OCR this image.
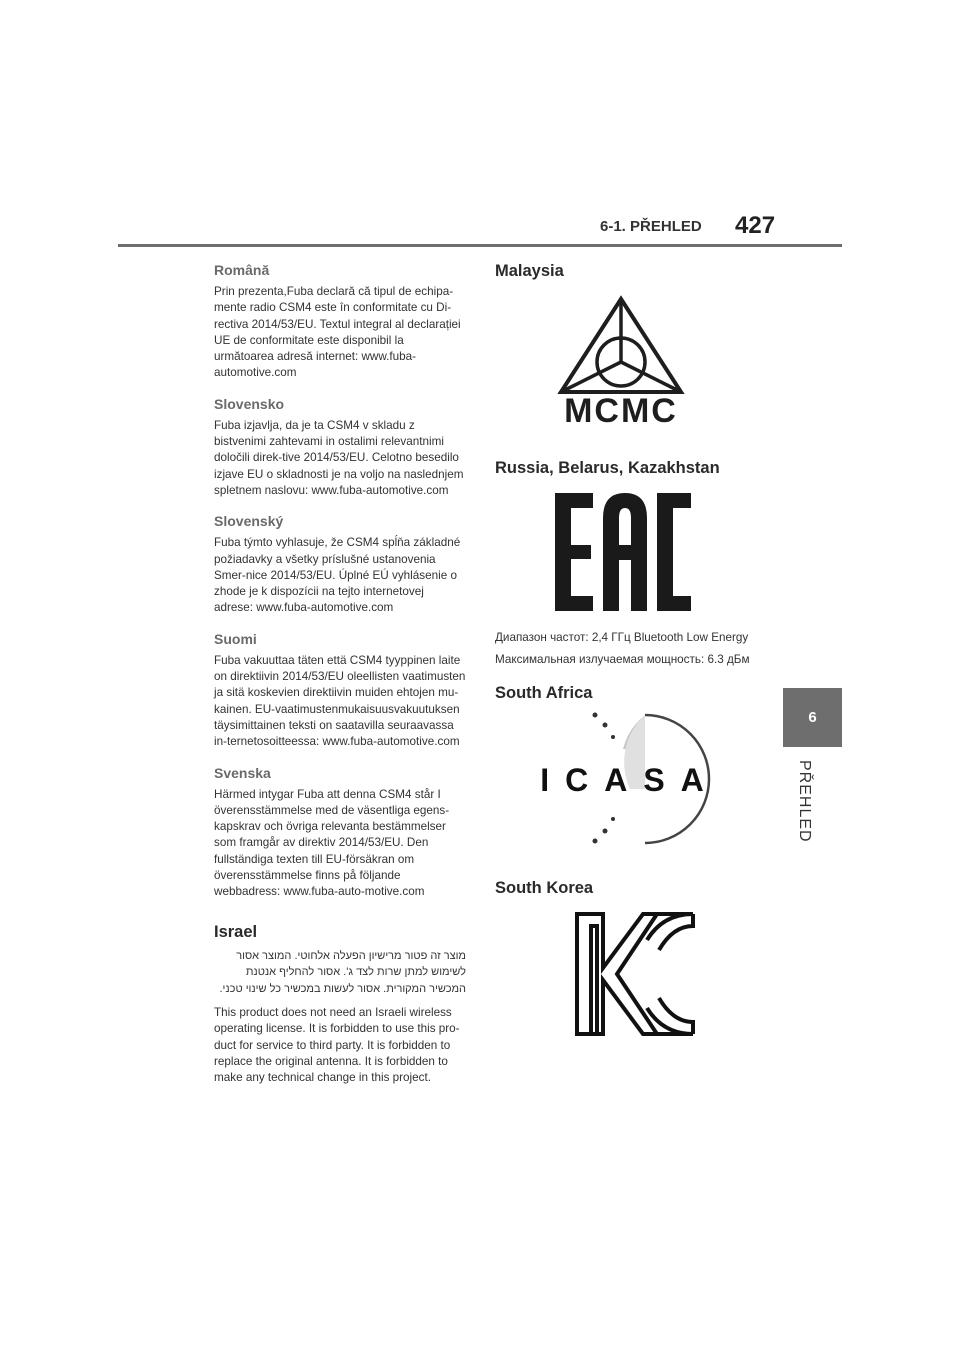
6-1. PŘEHLED 427
6
PŘEHLED
Română

Prin prezenta,Fuba declară că tipul de echipa-mente radio CSM4 este în conformitate cu Di-rectiva 2014/53/EU. Textul integral al declarației UE de conformitate este disponibil la următoarea adresă internet: www.fuba-automotive.com

Slovensko

Fuba izjavlja, da je ta CSM4 v skladu z bistvenimi zahtevami in ostalimi relevantnimi določili direk-tive 2014/53/EU. Celotno besedilo izjave EU o skladnosti je na voljo na naslednjem spletnem naslovu: www.fuba-automotive.com

Slovenský

Fuba týmto vyhlasuje, že CSM4 spĺňa základné požiadavky a všetky príslušné ustanovenia Smer-nice 2014/53/EU. Úplné EÚ vyhlásenie o zhode je k dispozícii na tejto internetovej adrese: www.fuba-automotive.com

Suomi

Fuba vakuuttaa täten että CSM4 tyyppinen laite on direktiivin 2014/53/EU oleellisten vaatimusten ja sitä koskevien direktiivin muiden ehtojen mu-kainen. EU-vaatimustenmukaisuusvakuutuksen täysimittainen teksti on saatavilla seuraavassa in-ternetosoitteessa: www.fuba-automotive.com

Svenska

Härmed intygar Fuba att denna CSM4 står I överensstämmelse med de väsentliga egens-kapskrav och övriga relevanta bestämmelser som framgår av direktiv 2014/53/EU. Den fullständiga texten till EU-försäkran om överensstämmelse finns på följande webbadress: www.fuba-auto-motive.com

Israel

מוצר זה פטור מרישיון הפעלה אלחוטי. המוצר אסור לשימוש למתן שרות לצד ג'. אסור להחליף אנטנת המכשיר המקורית. אסור לעשות במכשיר כל שינוי טכני.

This product does not need an Israeli wireless operating license. It is forbidden to use this pro-duct for service to third party. It is forbidden to replace the original antenna. It is forbidden to make any technical change in this project.

Malaysia
MCMC
Russia, Belarus, Kazakhstan

Диапазон частот: 2,4 ГГц Bluetooth Low Energy

Максимальная излучаемая мощность: 6.3 дБм

South Africa
ICASA
South Korea
